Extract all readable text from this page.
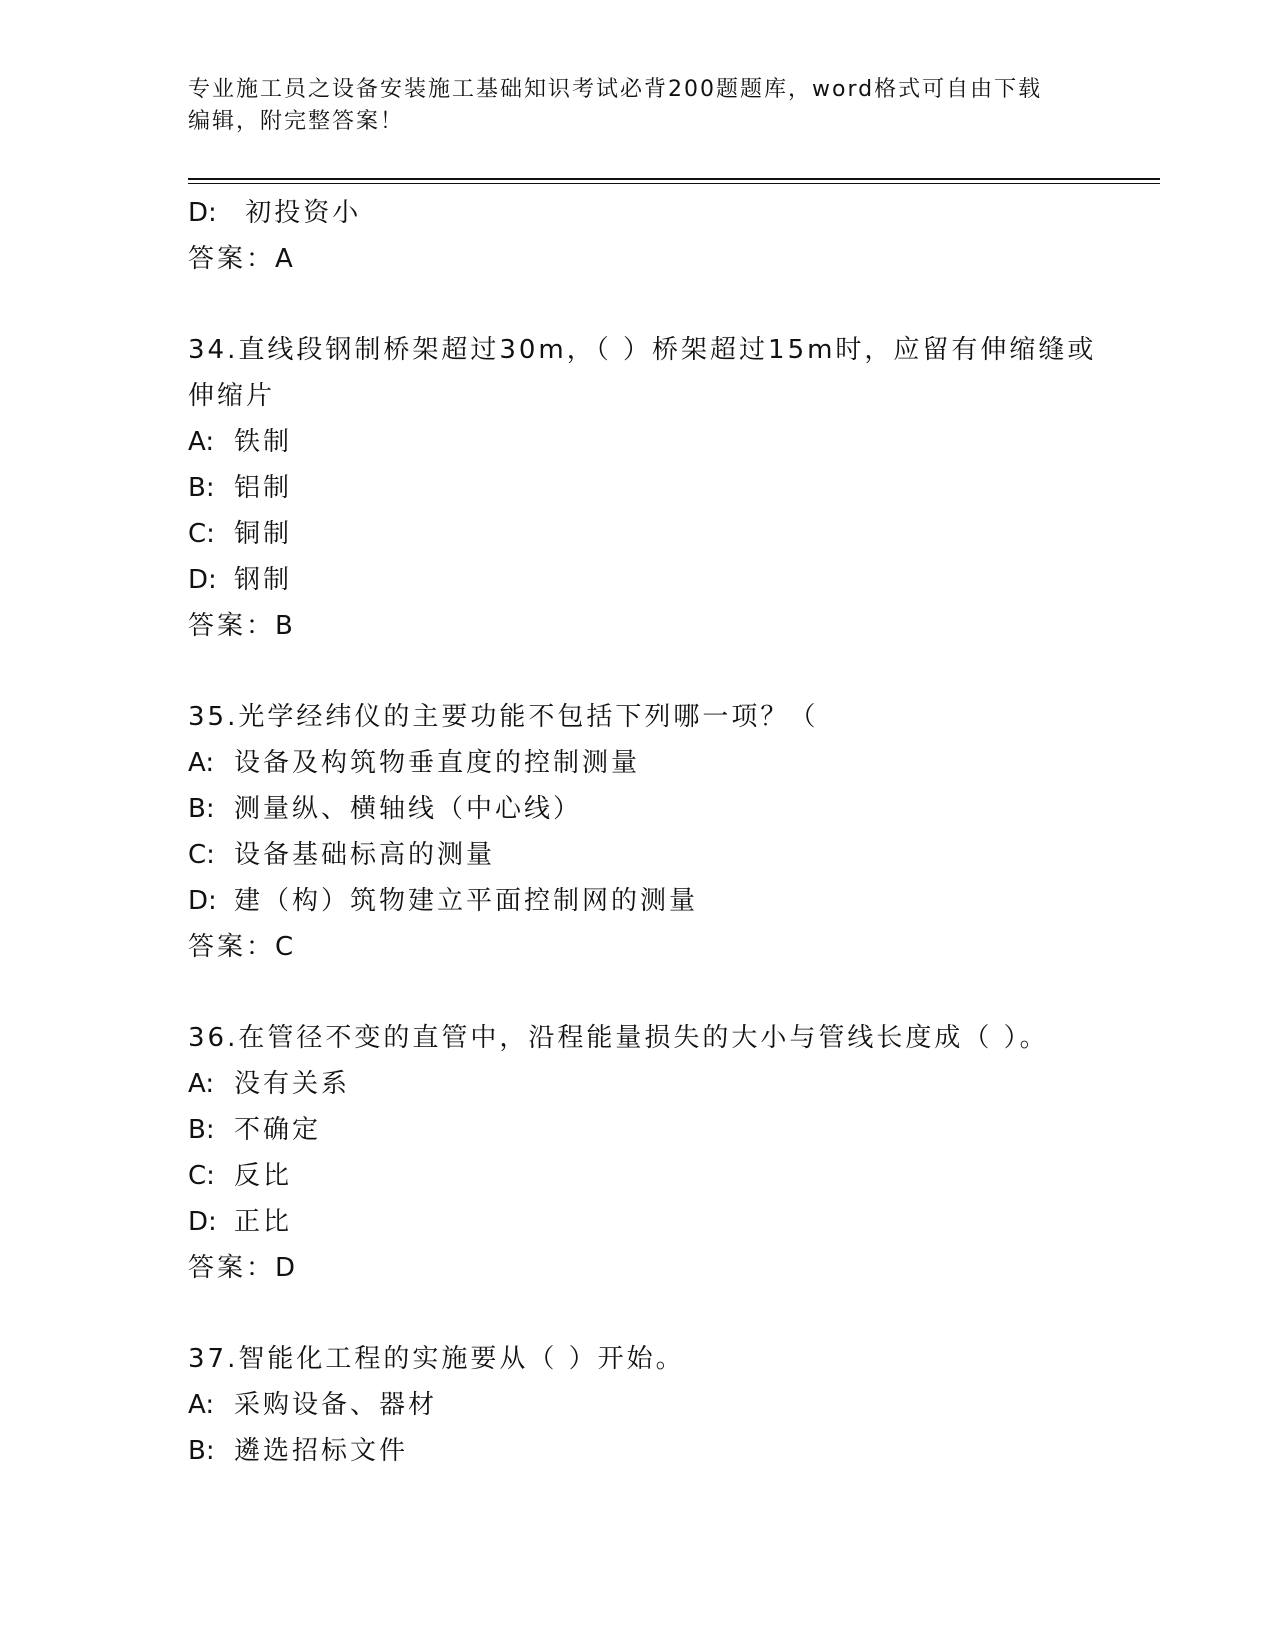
专业施工员之设备安装施工基础知识考试必背200题题库，word格式可自由下载
编辑，附完整答案！
D: 初投资小
答案：A
34.直线段钢制桥架超过30m，（ ）桥架超过15m时，应留有伸缩缝或
伸缩片
A: 铁制
B: 铝制
C: 铜制
D: 钢制
答案：B
35.光学经纬仪的主要功能不包括下列哪一项？（
A: 设备及构筑物垂直度的控制测量
B: 测量纵、横轴线（中心线）
C: 设备基础标高的测量
D: 建（构）筑物建立平面控制网的测量
答案：C
36.在管径不变的直管中，沿程能量损失的大小与管线长度成（ ）。
A: 没有关系
B: 不确定
C: 反比
D: 正比
答案：D
37.智能化工程的实施要从（ ）开始。
A: 采购设备、器材
B: 遴选招标文件
